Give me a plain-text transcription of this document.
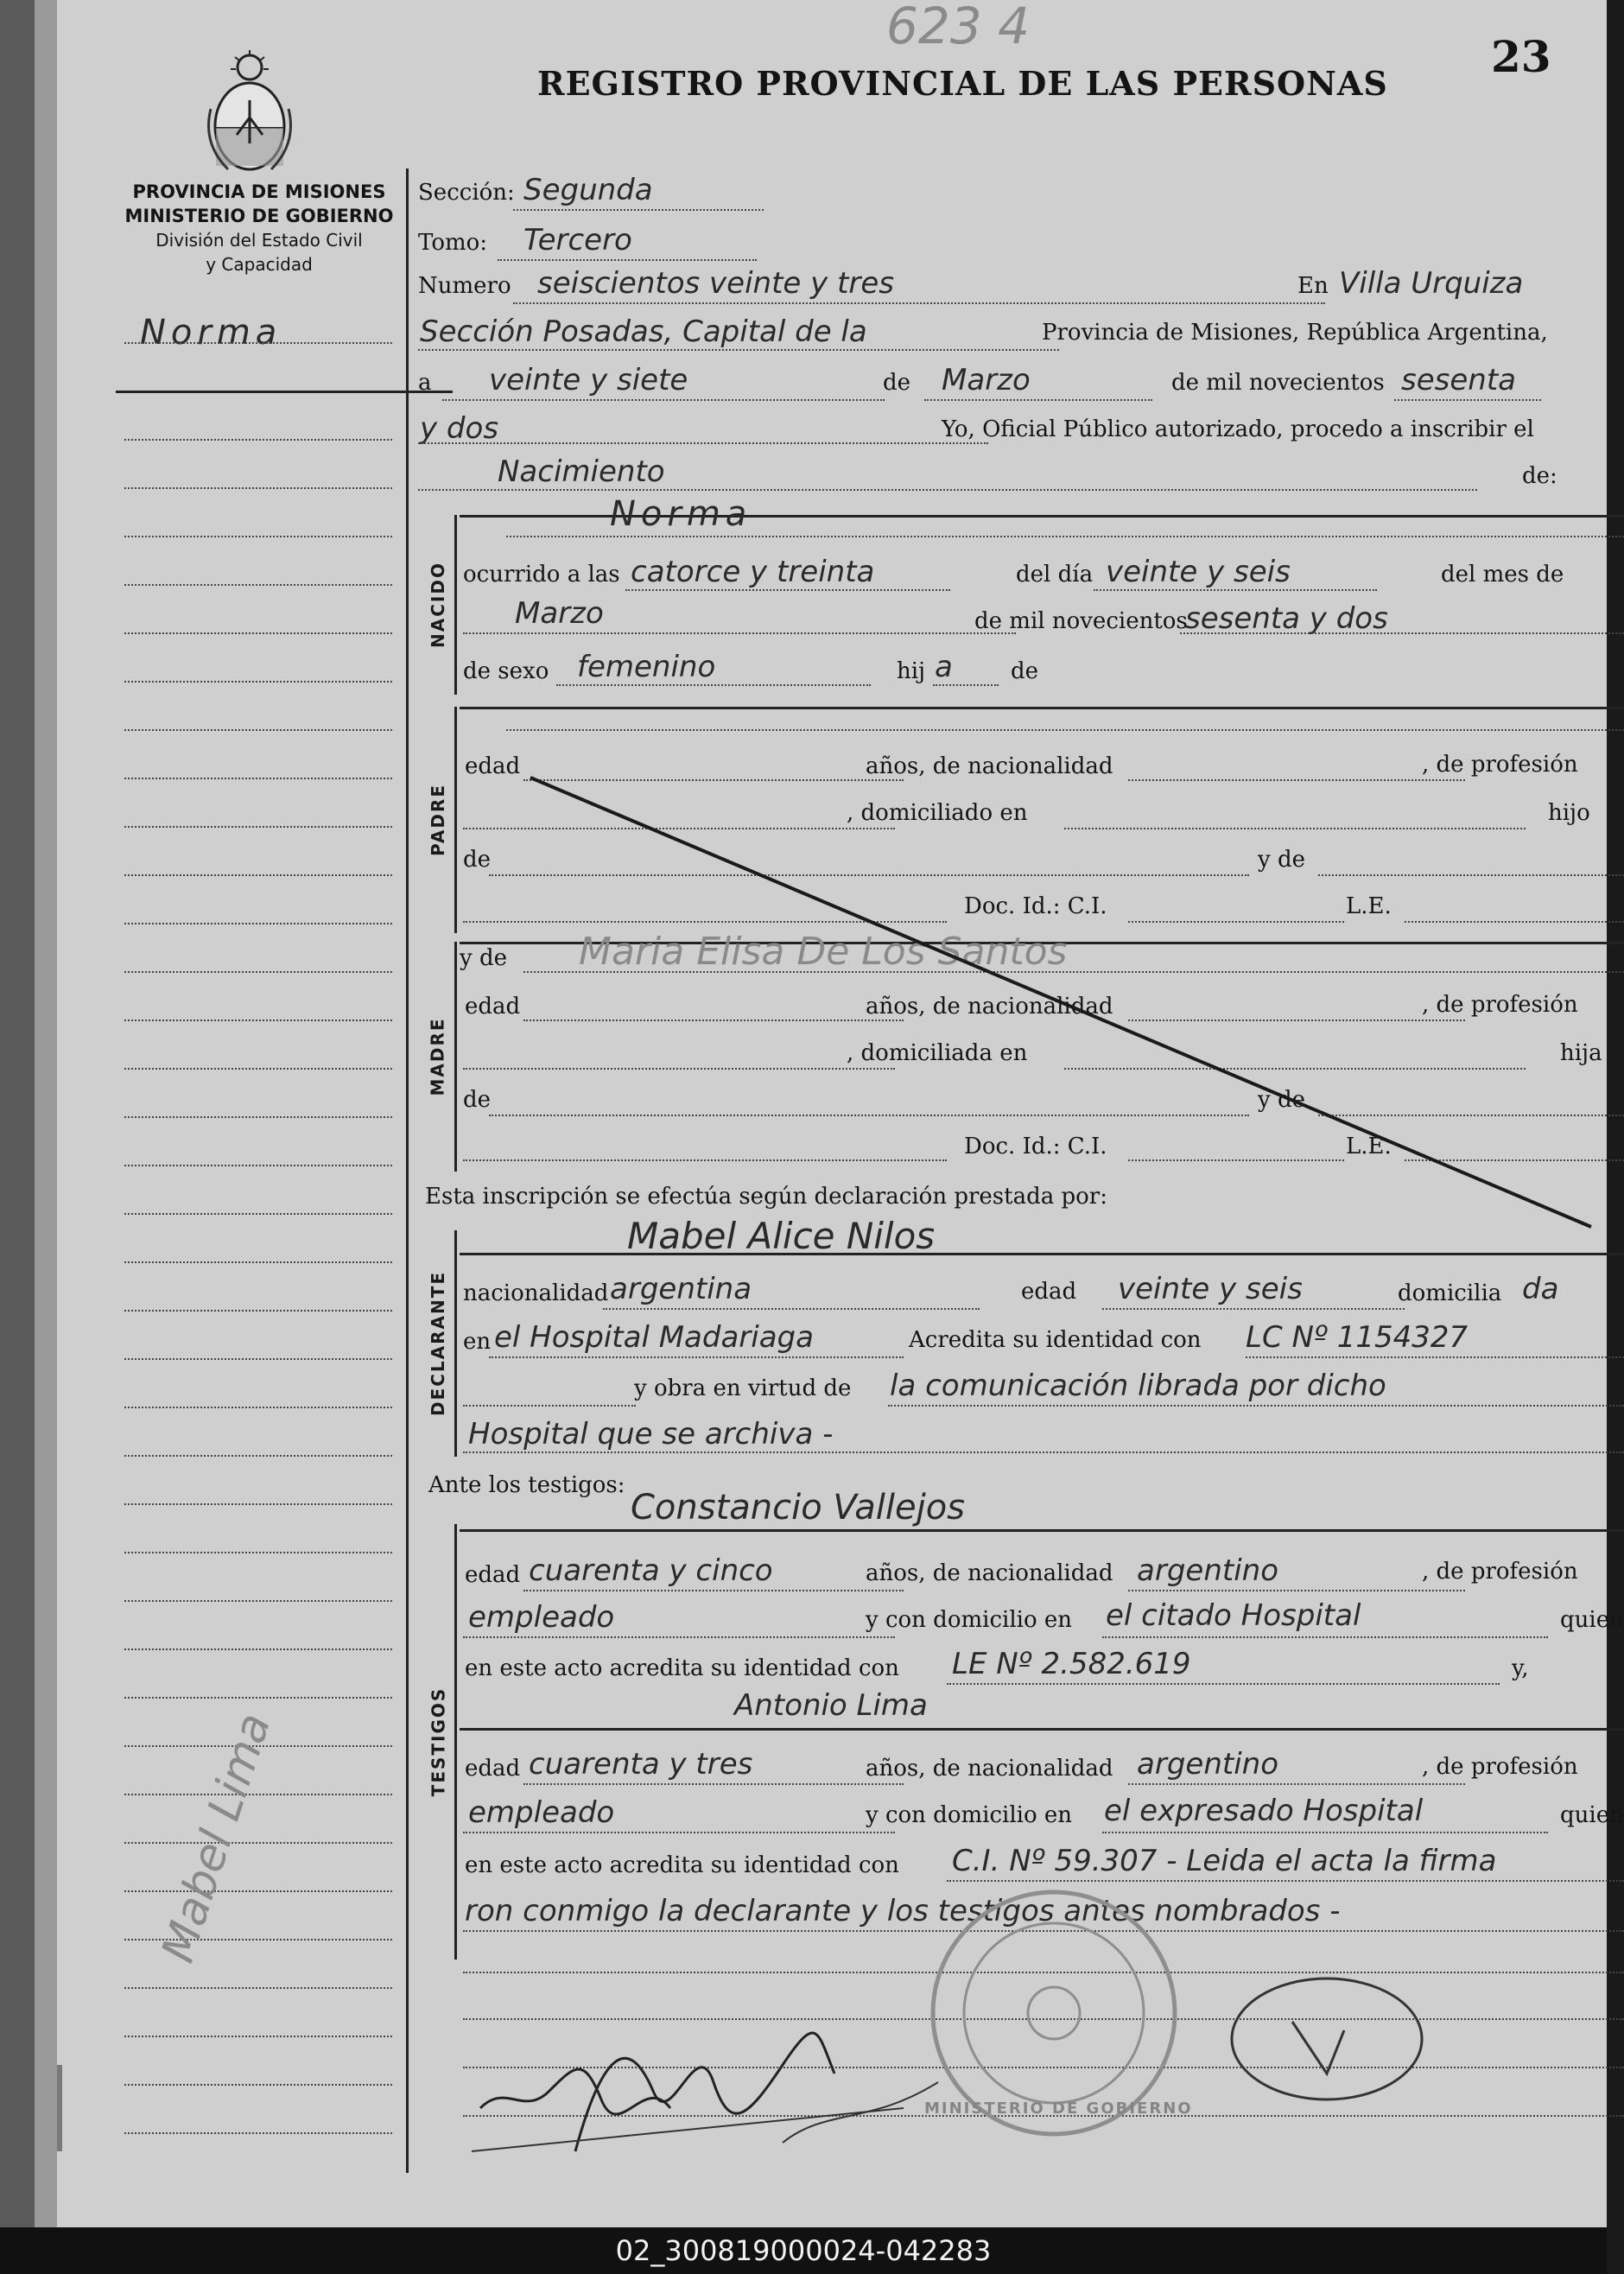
623 4
23
REGISTRO PROVINCIAL DE LAS PERSONAS
PROVINCIA DE MISIONES
MINISTERIO DE GOBIERNO
División del Estado Civil
y Capacidad
Norma
Mabel Lima
Sección: Segunda
Tomo: Tercero
Numero seiscientos veinte y tres	En Villa Urquiza
Sección Posadas, Capital de la	Provincia de Misiones, República Argentina,
a veinte y siete	de Marzo	de mil novecientos sesenta
y dos	Yo, Oficial Público autorizado, procedo a inscribir el
Nacimiento	de:
NACIDO
Norma
ocurrido a las catorce y treinta	del día veinte y seis	del mes de
Marzo	de mil novecientos
sesenta y dos
de sexo femenino	hij a	de
PADRE
edad	años, de nacionalidad	, de profesión
, domiciliado en	hijo
de	y de
Doc. Id.: C.I.	L.E.
MADRE
y de Maria Elisa De Los Santos
edad	años, de nacionalidad	, de profesión
, domiciliada en	hija
de	y de
Doc. Id.: C.I.	L.E.
Esta inscripción se efectúa según declaración prestada por:
DECLARANTE
Mabel Alice Nilos
nacionalidad argentina	edad veinte y seis	domicilia da
en el Hospital Madariaga	Acredita su identidad con LC Nº 1154327
y obra en virtud de la comunicación librada por dicho
Hospital que se archiva -
Ante los testigos:
TESTIGOS
Constancio Vallejos
edad cuarenta y cinco	años, de nacionalidad argentino	, de profesión
empleado	y con domicilio en el citado Hospital	quien
en este acto acredita su identidad con LE Nº 2.582.619	y,
Antonio Lima
edad cuarenta y tres	años, de nacionalidad argentino	, de profesión
empleado	y con domicilio en el expresado Hospital	quien
en este acto acredita su identidad con C.I. Nº 59.307 - Leida el acta la firma
ron conmigo la declarante y los testigos antes nombrados -
MINISTERIO DE GOBIERNO
02_300819000024-042283
